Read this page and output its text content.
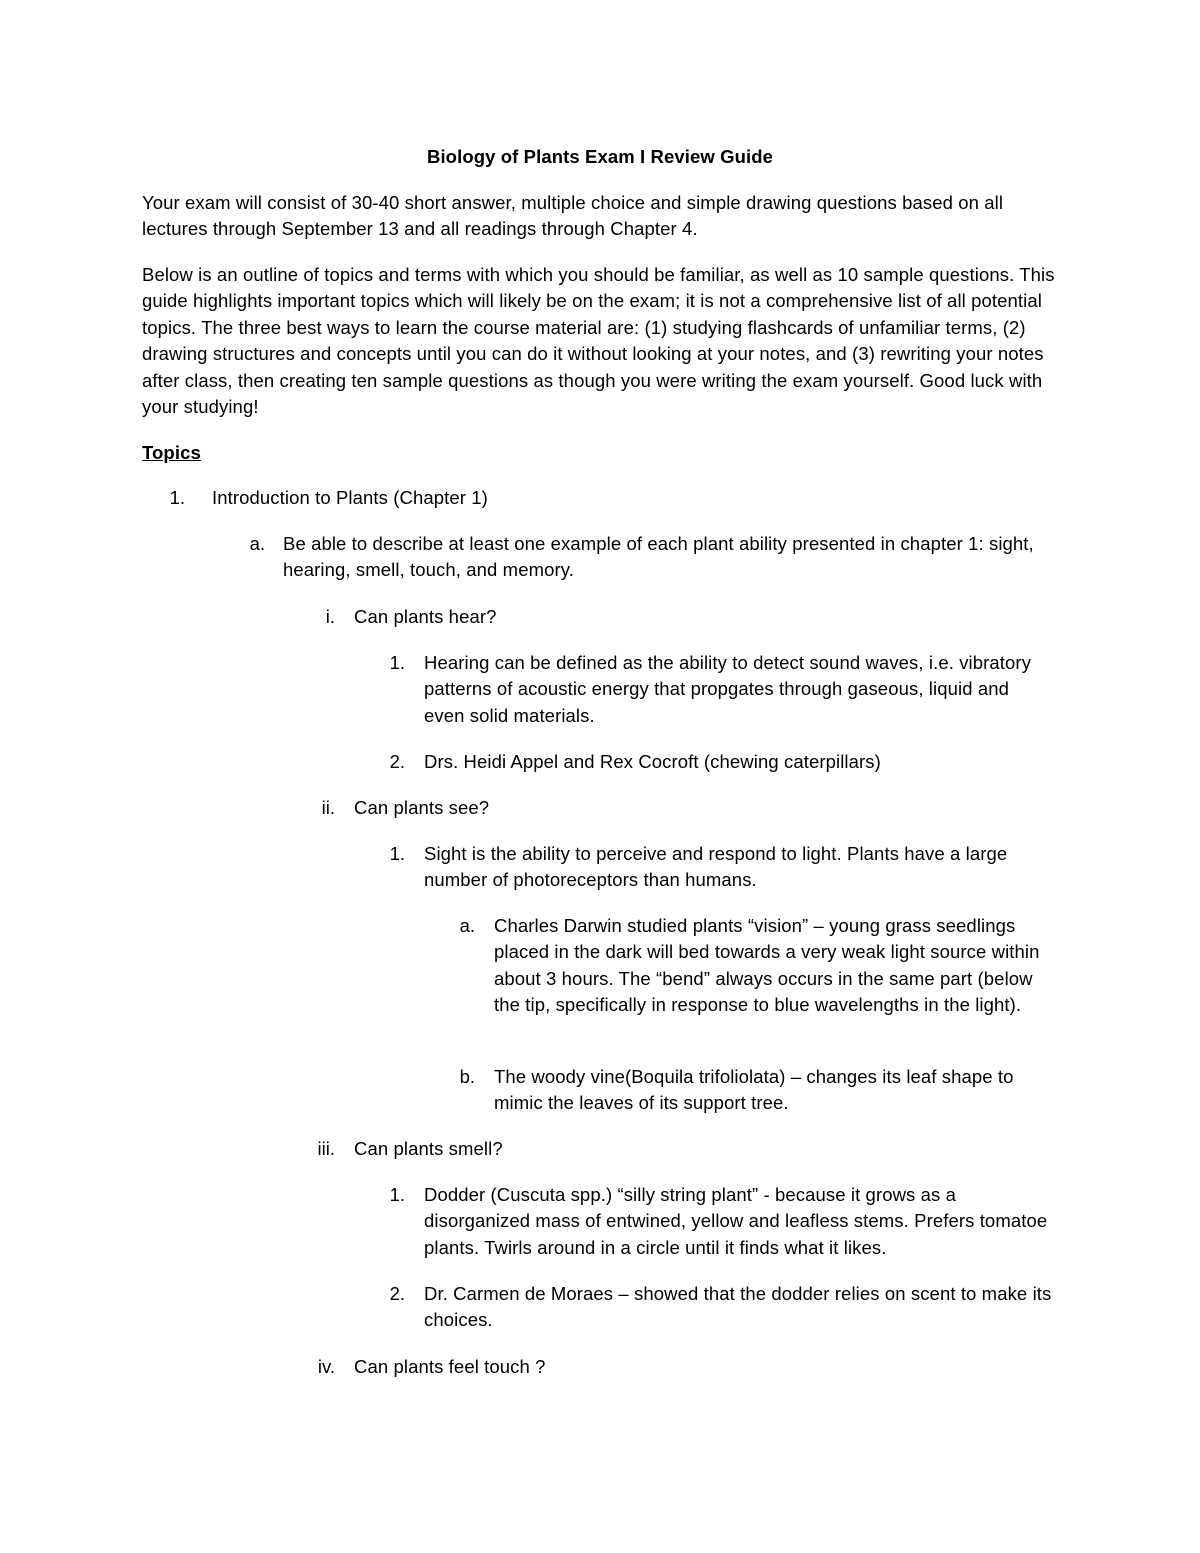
Biology of Plants Exam I Review Guide
Your exam will consist of 30-40 short answer, multiple choice and simple drawing questions based on all lectures through September 13 and all readings through Chapter 4.
Below is an outline of topics and terms with which you should be familiar, as well as 10 sample questions. This guide highlights important topics which will likely be on the exam; it is not a comprehensive list of all potential topics. The three best ways to learn the course material are: (1) studying flashcards of unfamiliar terms, (2) drawing structures and concepts until you can do it without looking at your notes, and (3) rewriting your notes after class, then creating ten sample questions as though you were writing the exam yourself. Good luck with your studying!
Topics
1. Introduction to Plants (Chapter 1)
a. Be able to describe at least one example of each plant ability presented in chapter 1: sight, hearing, smell, touch, and memory.
i. Can plants hear?
1. Hearing can be defined as the ability to detect sound waves, i.e. vibratory patterns of acoustic energy that propgates through gaseous, liquid and even solid materials.
2. Drs. Heidi Appel and Rex Cocroft (chewing caterpillars)
ii. Can plants see?
1. Sight is the ability to perceive and respond to light. Plants have a large number of photoreceptors than humans.
a. Charles Darwin studied plants “vision” – young grass seedlings placed in the dark will bed towards a very weak light source within about 3 hours. The “bend” always occurs in the same part (below the tip, specifically in response to blue wavelengths in the light).
b. The woody vine(Boquila trifoliolata) – changes its leaf shape to mimic the leaves of its support tree.
iii. Can plants smell?
1. Dodder (Cuscuta spp.) “silly string plant” - because it grows as a disorganized mass of entwined, yellow and leafless stems. Prefers tomatoe plants. Twirls around in a circle until it finds what it likes.
2. Dr. Carmen de Moraes – showed that the dodder relies on scent to make its choices.
iv. Can plants feel touch ?
